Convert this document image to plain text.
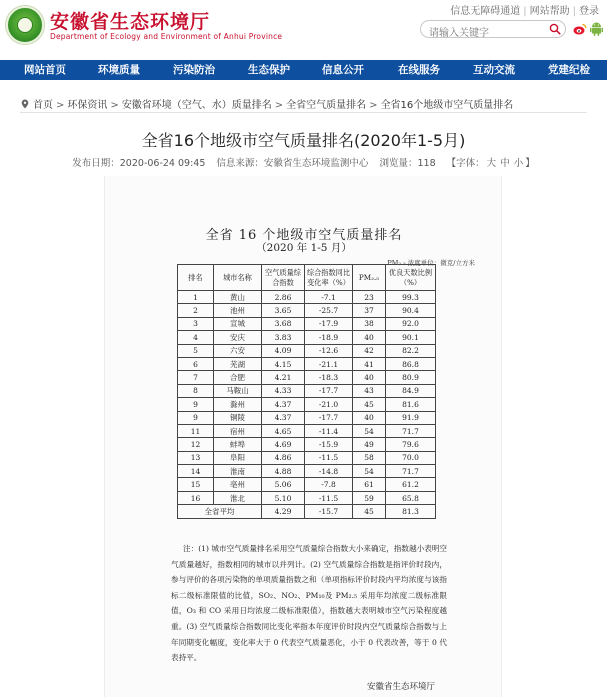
安徽省生态环境厅
Department of Ecology and Environment of Anhui Province
信息无障碍通道 | 网站帮助 | 登录
请输入关键字
网站首页	环境质量	污染防治	生态保护	信息公开	在线服务	互动交流	党建纪检
首页 > 环保资讯 > 安徽省环境（空气、水）质量排名 > 全省空气质量排名 > 全省16个地级市空气质量排名
全省16个地级市空气质量排名(2020年1-5月)
发布日期：2020-06-24 09:45 信息来源：安徽省生态环境监测中心 浏览量：118 【字体： 大 中 小 】
全省 16 个地级市空气质量排名
（2020 年 1-5 月）
PM₂.₅ 浓度单位：微克/立方米
排名	城市名称	空气质量综合指数	综合指数同比变化率（%）	PM₂.₅	优良天数比例（%）
1	黄山	2.86	-7.1	23	99.3
2	池州	3.65	-25.7	37	90.4
3	宣城	3.68	-17.9	38	92.0
4	安庆	3.83	-18.9	40	90.1
5	六安	4.09	-12.6	42	82.2
6	芜湖	4.15	-21.1	41	86.8
7	合肥	4.21	-18.3	40	80.9
8	马鞍山	4.33	-17.7	43	84.9
9	滁州	4.37	-21.0	45	81.6
9	铜陵	4.37	-17.7	40	91.9
11	宿州	4.65	-11.4	54	71.7
12	蚌埠	4.69	-15.9	49	79.6
13	阜阳	4.86	-11.5	58	70.0
14	淮南	4.88	-14.8	54	71.7
15	亳州	5.06	-7.8	61	61.2
16	淮北	5.10	-11.5	59	65.8
全省平均		4.29	-15.7	45	81.3
注：(1) 城市空气质量排名采用空气质量综合指数大小来确定，指数越小表明空气质量越好，指数相同的城市以并列计。(2) 空气质量综合指数是指评价时段内，参与评价的各项污染物的单项质量指数之和（单项指标评价时段内平均浓度与该指标二级标准限值的比值，SO₂、NO₂、PM₁₀及 PM₂.₅ 采用年均浓度二级标准限值，O₃ 和 CO 采用日均浓度二级标准限值），指数越大表明城市空气污染程度越重。(3) 空气质量综合指数同比变化率指本年度评价时段内空气质量综合指数与上年同期变化幅度，变化率大于 0 代表空气质量恶化，小于 0 代表改善，等于 0 代表持平。
安徽省生态环境厅
